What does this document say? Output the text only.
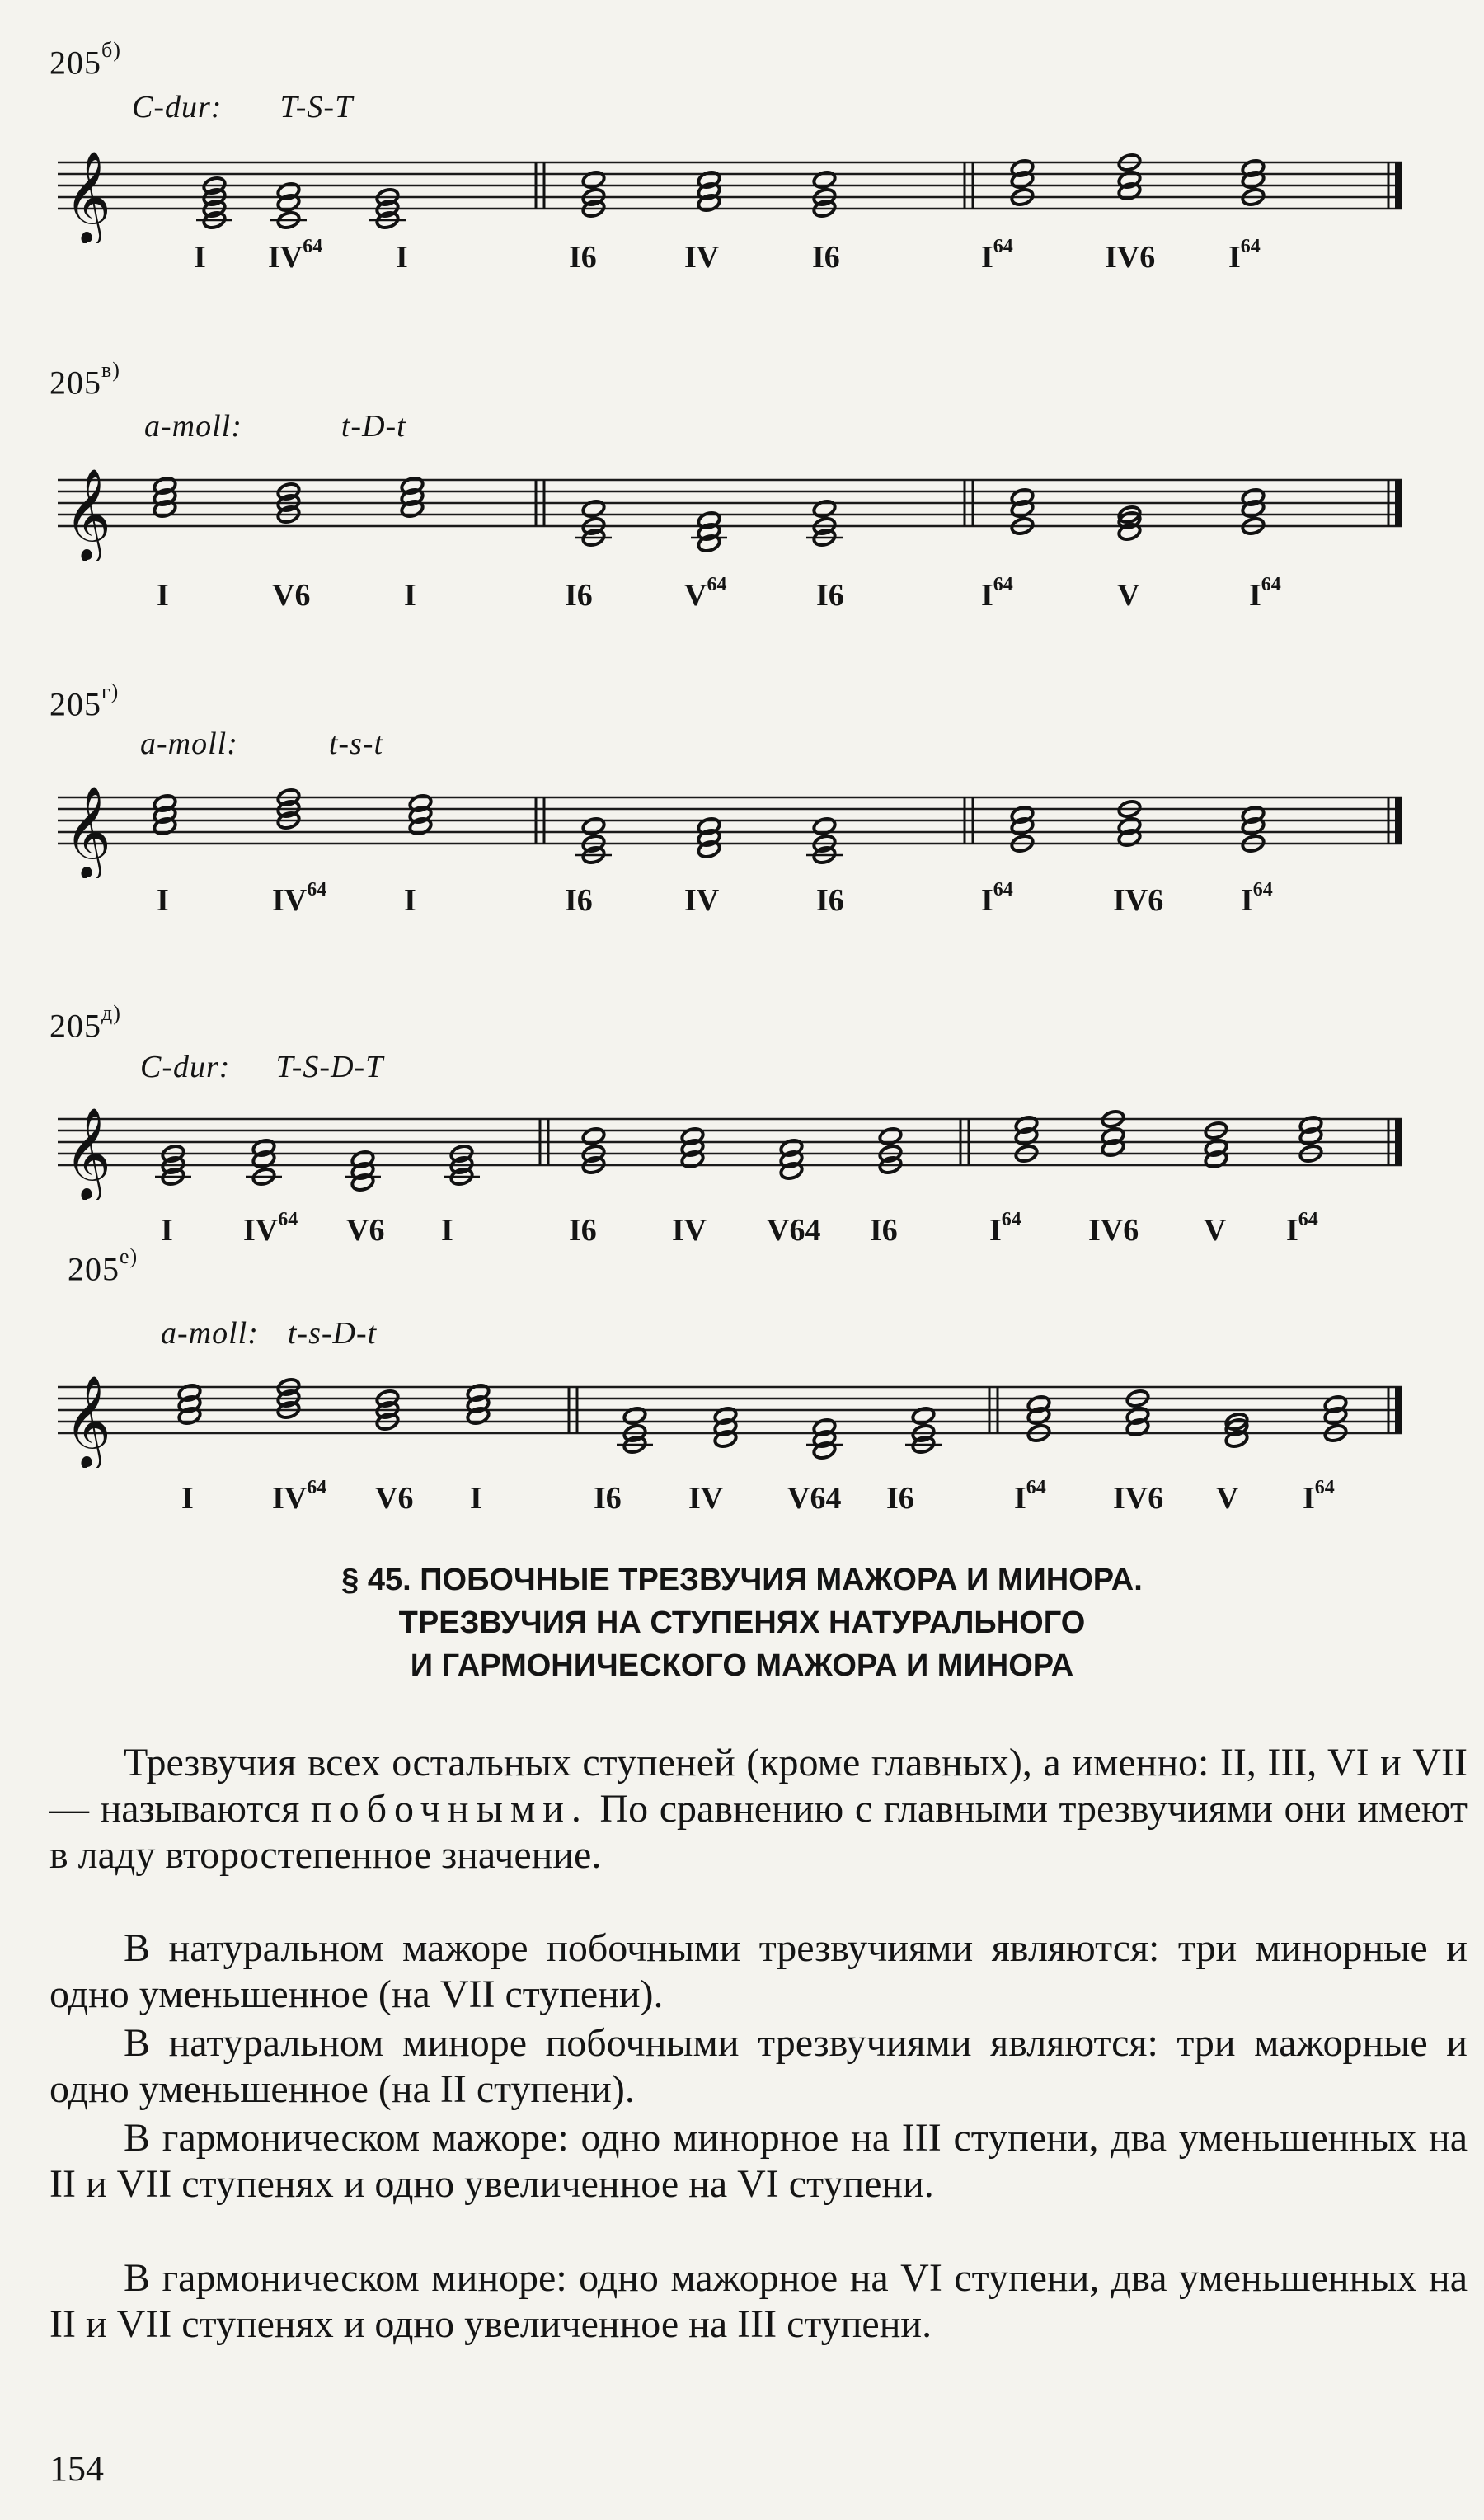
$205^{б)}$
C-dur: T-S-T
𝄞
I IV$^{64}$ I	I6	IV	I6	$I^{64}$	IV6 $I^{64}$
$205^{в)}$
a-moll:	t-D-t
𝄞
I	V6	I	I6	$V^{64}$	I6	$I^{64}$	V	$I^{64}$
$205^{г)}$
a-moll:	t-s-t
𝄞
I	IV$^{64}$ I	I6	IV	I6	$I^{64}$	IV6 $I^{64}$
$205^{д)}$
C-dur: T-S-D-T
𝄞
I IV$^{64}$ V6 I	I6 IV V64 I6	$I^{64}$ IV6 V $I^{64}$
$205^{е)}$
a-moll: t-s-D-t
𝄞
I	IV$^{64}$ V6 I	I6 IV V64 I6	$I^{64}$ IV6 V $I^{64}$
§ 45. ПОБОЧНЫЕ ТРЕЗВУЧИЯ МАЖОРА И МИНОРА.
ТРЕЗВУЧИЯ НА СТУПЕНЯХ НАТУРАЛЬНОГО
И ГАРМОНИЧЕСКОГО МАЖОРА И МИНОРА
Трезвучия всех остальных ступеней (кроме главных), а именно: II, III, VI и VII — называются побочными. По сравнению с главными трезвучиями они имеют в ладу второстепенное значение.
В натуральном мажоре побочными трезвучиями являются: три минорные и одно уменьшенное (на VII ступени).
В натуральном миноре побочными трезвучиями являются: три мажорные и одно уменьшенное (на II ступени).
В гармоническом мажоре: одно минорное на III ступени, два уменьшенных на II и VII ступенях и одно увеличенное на VI ступени.
В гармоническом миноре: одно мажорное на VI ступени, два уменьшенных на II и VII ступенях и одно увеличенное на III ступени.
154
